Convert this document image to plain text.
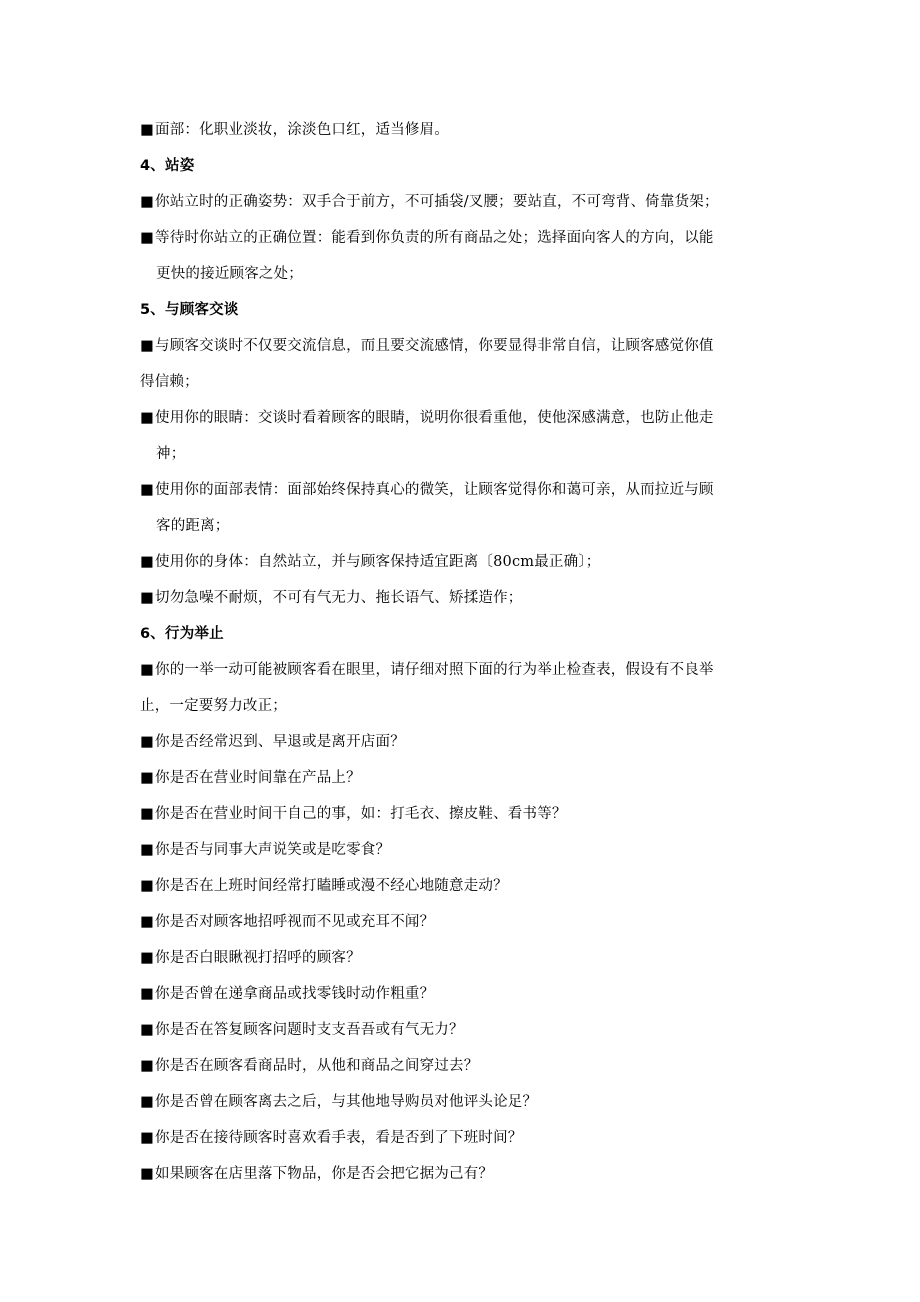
■面部：化职业淡妆，涂淡色口红，适当修眉。
4、站姿
■你站立时的正确姿势：双手合于前方，不可插袋/叉腰；要站直，不可弯背、倚靠货架；
■等待时你站立的正确位置：能看到你负责的所有商品之处；选择面向客人的方向，以能
更快的接近顾客之处；
5、与顾客交谈
■与顾客交谈时不仅要交流信息，而且要交流感情，你要显得非常自信，让顾客感觉你值
得信赖；
■使用你的眼睛：交谈时看着顾客的眼睛，说明你很看重他，使他深感满意，也防止他走
神；
■使用你的面部表情：面部始终保持真心的微笑，让顾客觉得你和蔼可亲，从而拉近与顾
客的距离；
■使用你的身体：自然站立，并与顾客保持适宜距离〔80cm最正确〕；
■切勿急噪不耐烦，不可有气无力、拖长语气、矫揉造作；
6、行为举止
■你的一举一动可能被顾客看在眼里，请仔细对照下面的行为举止检查表，假设有不良举
止，一定要努力改正；
■你是否经常迟到、早退或是离开店面？
■你是否在营业时间靠在产品上？
■你是否在营业时间干自己的事，如：打毛衣、擦皮鞋、看书等？
■你是否与同事大声说笑或是吃零食？
■你是否在上班时间经常打瞌睡或漫不经心地随意走动？
■你是否对顾客地招呼视而不见或充耳不闻？
■你是否白眼瞅视打招呼的顾客？
■你是否曾在递拿商品或找零钱时动作粗重？
■你是否在答复顾客问题时支支吾吾或有气无力？
■你是否在顾客看商品时，从他和商品之间穿过去？
■你是否曾在顾客离去之后，与其他地导购员对他评头论足？
■你是否在接待顾客时喜欢看手表，看是否到了下班时间？
■如果顾客在店里落下物品，你是否会把它据为己有？
